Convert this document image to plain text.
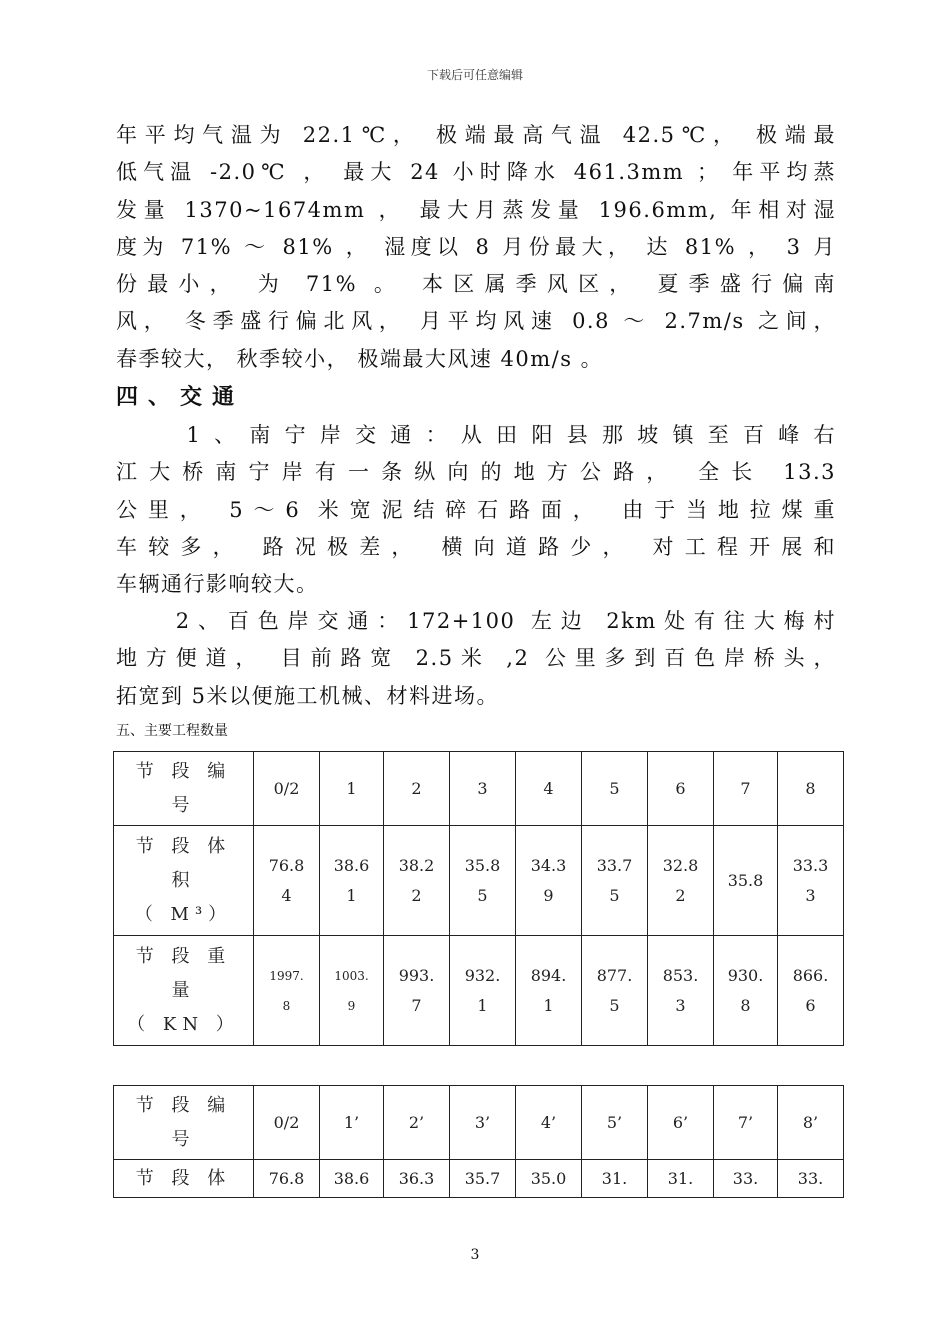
下载后可任意编辑
年平均气温为 22.1℃， 极端最高气温 42.5℃， 极端最
低气温 -2.0℃ ， 最大 24 小时降水 461.3mm ； 年平均蒸
发量 1370~1674mm ， 最大月蒸发量 196.6mm, 年相对湿
度为 71% ～ 81% ， 湿度以 8 月份最大， 达 81% ， 3 月
份最小， 为 71% 。 本区属季风区， 夏季盛行偏南
风， 冬季盛行偏北风， 月平均风速 0.8 ～ 2.7m/s 之间，
春季较大， 秋季较小， 极端最大风速 40m/s 。
四、交通
　　1、南宁岸交通：从田阳县那坡镇至百峰右
江大桥南宁岸有一条纵向的地方公路， 全长 13.3
公里， 5～6 米宽泥结碎石路面， 由于当地拉煤重
车较多， 路况极差， 横向道路少， 对工程开展和
车辆通行影响较大。
　　2、百色岸交通：172+100 左边 2km处有往大梅村
地方便道， 目前路宽 2.5米 ,2 公里多到百色岸桥头，
拓宽到 5米以便施工机械、材料进场。
五、主要工程数量
节 段 编
号	0/2	1	2	3	4	5	6	7	8

节 段 体
积
（ M³）	76.84	38.61	38.22	35.85	34.39	33.75	32.82	35.8	33.33

节 段 重
量
（ KN ）	1997.8	1003.9	993.7	932.1	894.1	877.5	853.3	930.8	866.6
节 段 编
号	0/2	1’	2’	3’	4’	5’	6’	7’	8’

节 段 体	76.8	38.6	36.3	35.7	35.0	31.	31.	33.	33.
3
